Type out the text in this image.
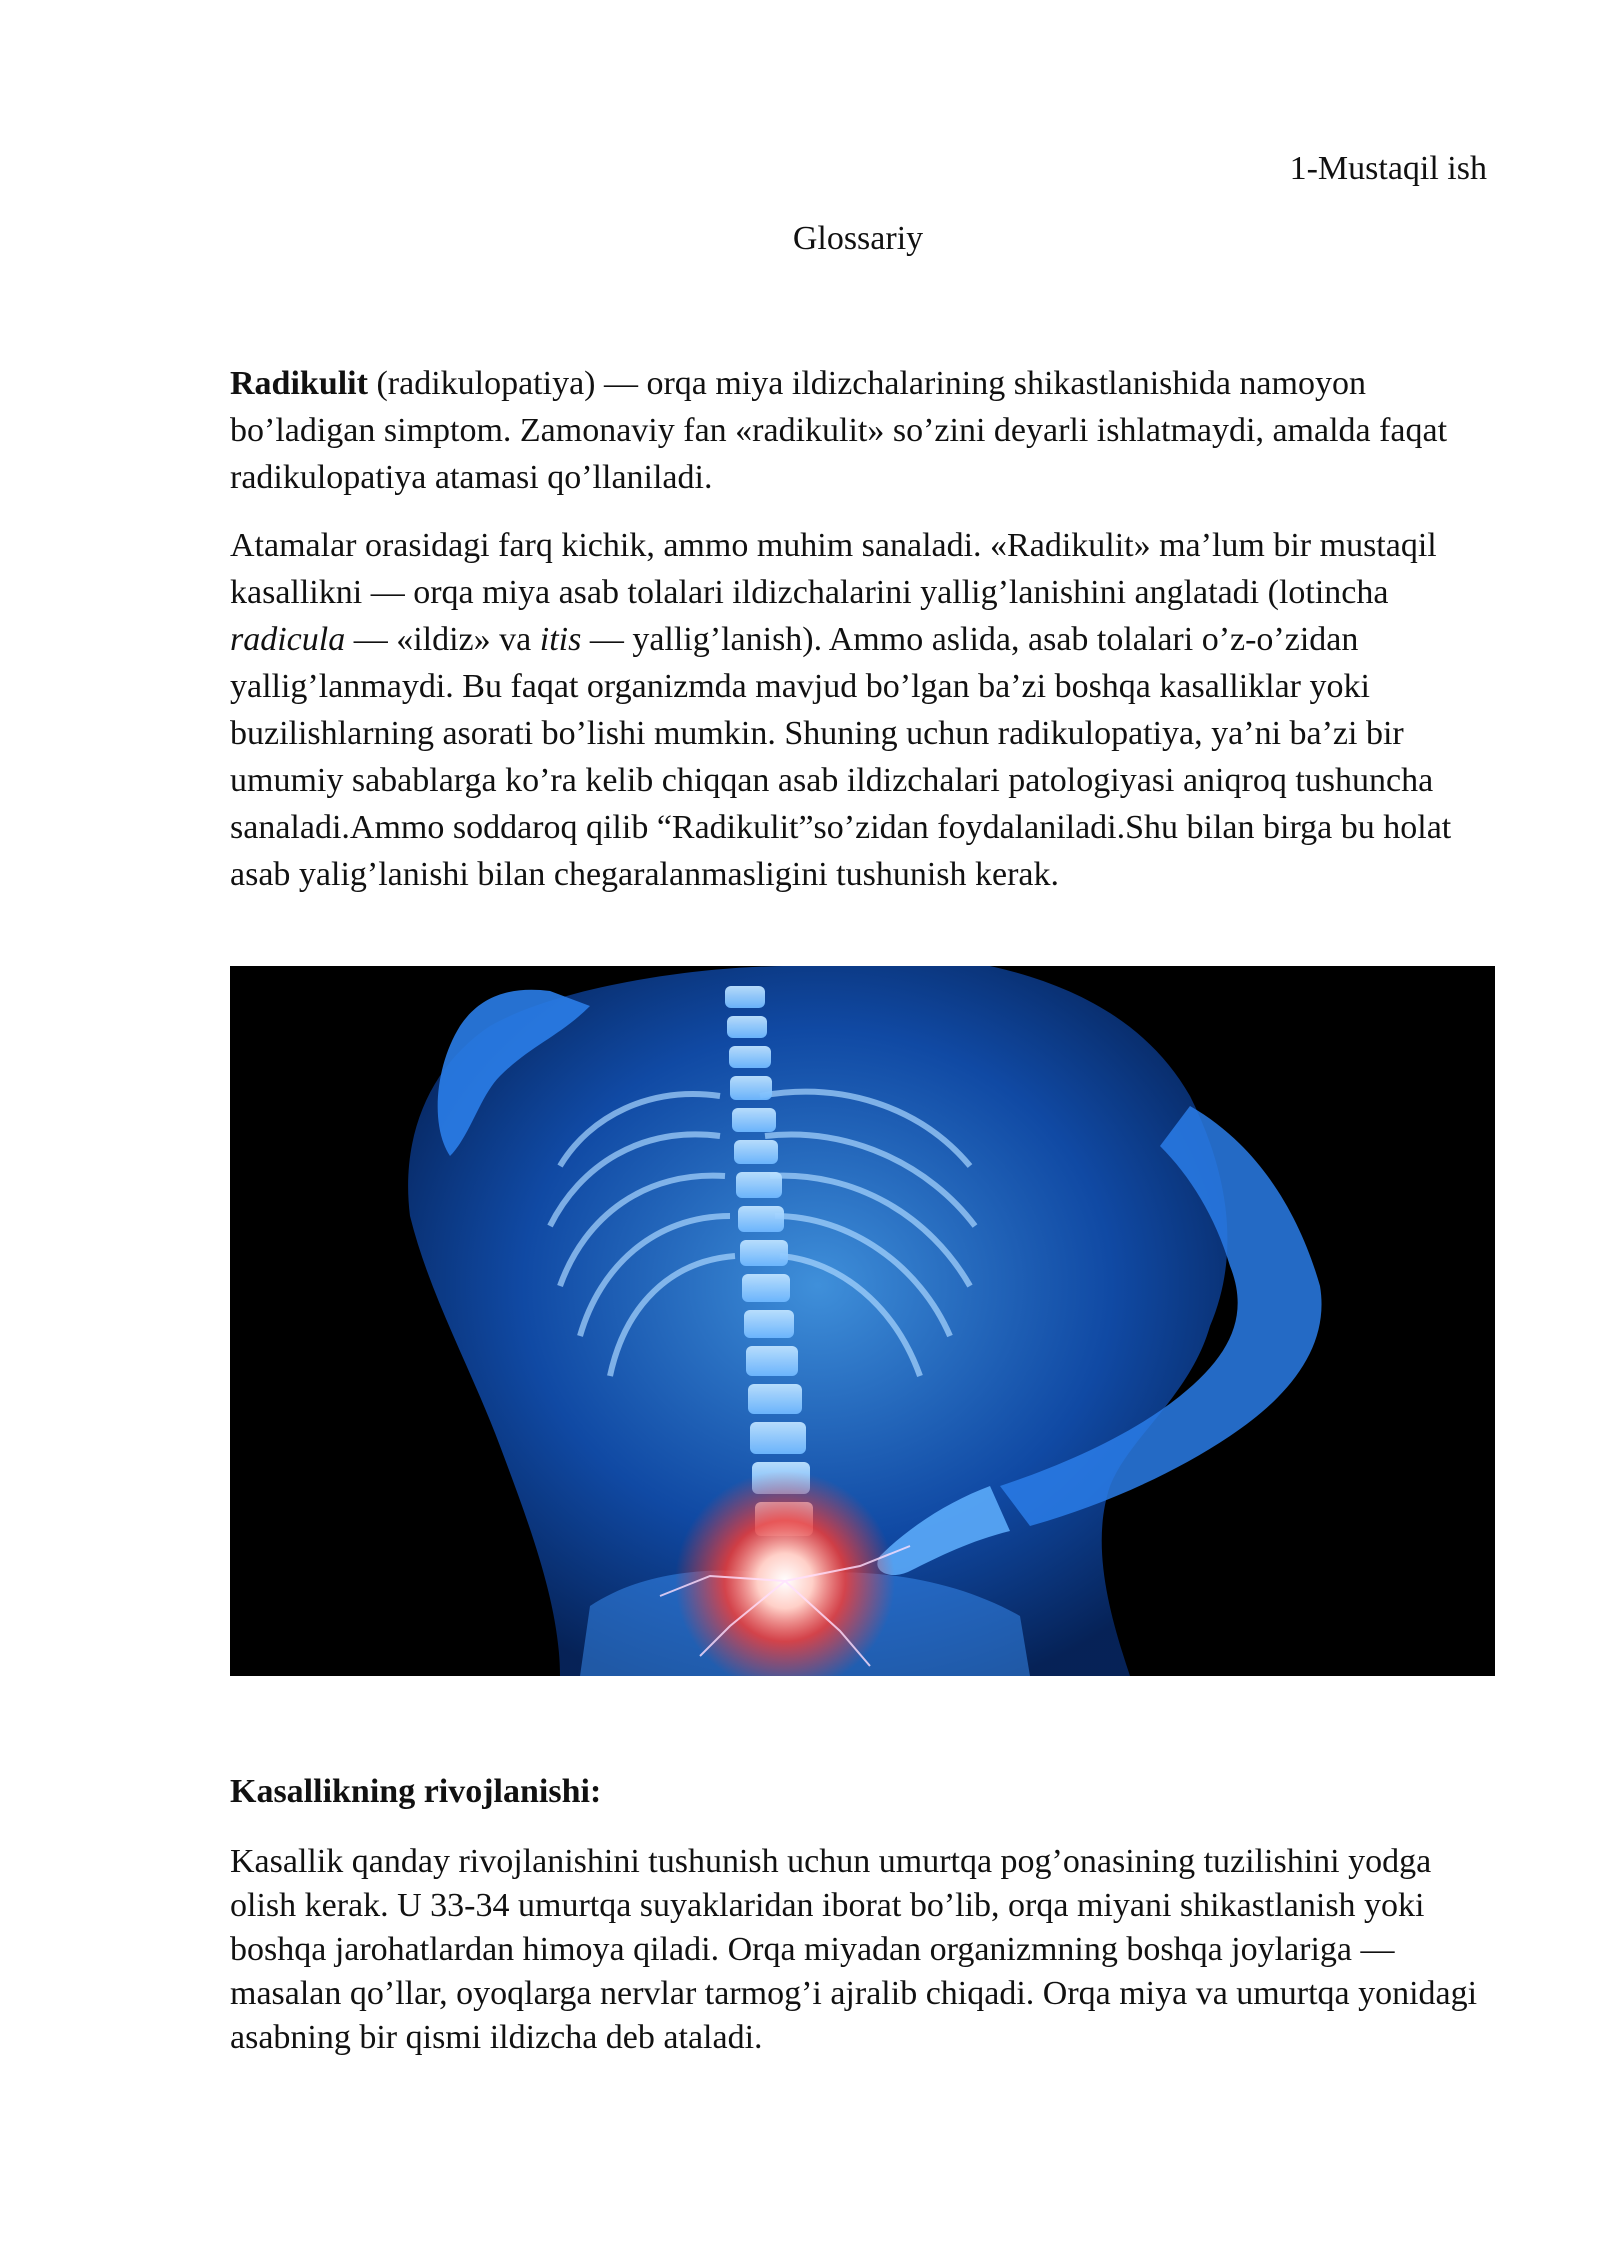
1-Mustaqil ish
Glossariy

Radikulit (radikulopatiya) — orqa miya ildizchalarining shikastlanishida namoyon bo’ladigan simptom. Zamonaviy fan «radikulit» so’zini deyarli ishlatmaydi, amalda faqat radikulopatiya atamasi qo’llaniladi.

Atamalar orasidagi farq kichik, ammo muhim sanaladi. «Radikulit» ma’lum bir mustaqil kasallikni — orqa miya asab tolalari ildizchalarini yallig’lanishini anglatadi (lotincha radicula — «ildiz» va itis — yallig’lanish). Ammo aslida, asab tolalari o’z-o’zidan yallig’lanmaydi. Bu faqat organizmda mavjud bo’lgan ba’zi boshqa kasalliklar yoki buzilishlarning asorati bo’lishi mumkin. Shuning uchun radikulopatiya, ya’ni ba’zi bir umumiy sabablarga ko’ra kelib chiqqan asab ildizchalari patologiyasi aniqroq tushuncha sanaladi.Ammo soddaroq qilib “Radikulit”so’zidan foydalaniladi.Shu bilan birga bu holat asab yalig’lanishi bilan chegaralanmasligini tushunish kerak.

Kasallikning rivojlanishi:

Kasallik qanday rivojlanishini tushunish uchun umurtqa pog’onasining tuzilishini yodga olish kerak. U 33-34 umurtqa suyaklaridan iborat bo’lib, orqa miyani shikastlanish yoki boshqa jarohatlardan himoya qiladi. Orqa miyadan organizmning boshqa joylariga — masalan qo’llar, oyoqlarga nervlar tarmog’i ajralib chiqadi. Orqa miya va umurtqa yonidagi asabning bir qismi ildizcha deb ataladi.
